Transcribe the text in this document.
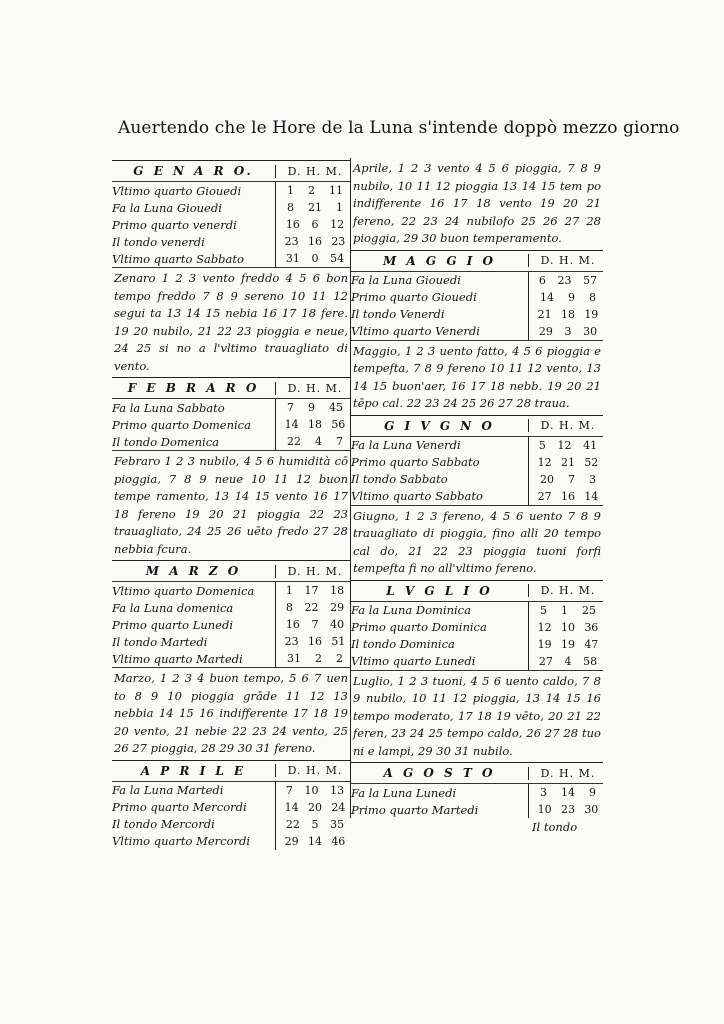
Auertendo che le Hore de la Luna s'intende doppò mezzo giorno
G E N A R O.	D. H. M.
Vltimo quarto Giouedi	1 2 11
Fa la Luna Giouedi	8 21 1
Primo quarto venerdi	16 6 12
Il tondo venerdi	23 16 23
Vltimo quarto Sabbato	31 0 54
Zenaro 1 2 3 vento freddo 4 5 6 bon tempo freddo 7 8 9 sereno 10 11 12 segui ta 13 14 15 nebia 16 17 18 fere. 19 20 nubilo, 21 22 23 pioggia e neue, 24 25 si no a l'vltimo trauagliato di vento.
F E B R A R O	D. H. M.
Fa la Luna Sabbato	7 9 45
Primo quarto Domenica	14 18 56
Il tondo Domenica	22 4 7
Febraro 1 2 3 nubilo, 4 5 6 humidità cō pioggia, 7 8 9 neue 10 11 12 buon tempe ramento, 13 14 15 vento 16 17 18 fereno 19 20 21 pioggia 22 23 trauagliato, 24 25 26 uēto fredo 27 28 nebbia fcura.
M A R Z O	D. H. M.
Vltimo quarto Domenica	1 17 18
Fa la Luna domenica	8 22 29
Primo quarto Lunedi	16 7 40
Il tondo Martedi	23 16 51
Vltimo quarto Martedi	31 2 2
Marzo, 1 2 3 4 buon tempo, 5 6 7 uen to 8 9 10 pioggia grāde 11 12 13 nebbia 14 15 16 indifferente 17 18 19 20 vento, 21 nebie 22 23 24 vento, 25 26 27 pioggia, 28 29 30 31 fereno.
A P R I L E	D. H. M.
Fa la Luna Martedi	7 10 13
Primo quarto Mercordi	14 20 24
Il tondo Mercordi	22 5 35
Vltimo quarto Mercordi	29 14 46
Aprile, 1 2 3 vento 4 5 6 pioggia, 7 8 9 nubilo, 10 11 12 pioggia 13 14 15 tem po indifferente 16 17 18 vento 19 20 21 fereno, 22 23 24 nubilofo 25 26 27 28 pioggia, 29 30 buon temperamento.
M A G G I O	D. H. M.
Fa la Luna Giouedi	6 23 57
Primo quarto Giouedi	14 9 8
Il tondo Venerdi	21 18 19
Vltimo quarto Venerdi	29 3 30
Maggio, 1 2 3 uento fatto, 4 5 6 pioggia e tempefta, 7 8 9 fereno 10 11 12 vento, 13 14 15 buon'aer, 16 17 18 nebb. 19 20 21 tēpo cal. 22 23 24 25 26 27 28 traua.
G I V G N O	D. H. M.
Fa la Luna Venerdi	5 12 41
Primo quarto Sabbato	12 21 52
Il tondo Sabbato	20 7 3
Vltimo quarto Sabbato	27 16 14
Giugno, 1 2 3 fereno, 4 5 6 uento 7 8 9 trauagliato di pioggia, fino alli 20 tempo cal do, 21 22 23 pioggia tuoni forfi tempefta fi no all'vltimo fereno.
L V G L I O	D. H. M.
Fa la Luna Dominica	5 1 25
Primo quarto Dominica	12 10 36
Il tondo Dominica	19 19 47
Vltimo quarto Lunedi	27 4 58
Luglio, 1 2 3 tuoni, 4 5 6 uento caldo, 7 8 9 nubilo, 10 11 12 pioggia, 13 14 15 16 tempo moderato, 17 18 19 vēto, 20 21 22 feren, 23 24 25 tempo caldo, 26 27 28 tuo ni e lampi, 29 30 31 nubilo.
A G O S T O	D. H. M.
Fa la Luna Lunedi	3 14 9
Primo quarto Martedi	10 23 30
Il tondo
